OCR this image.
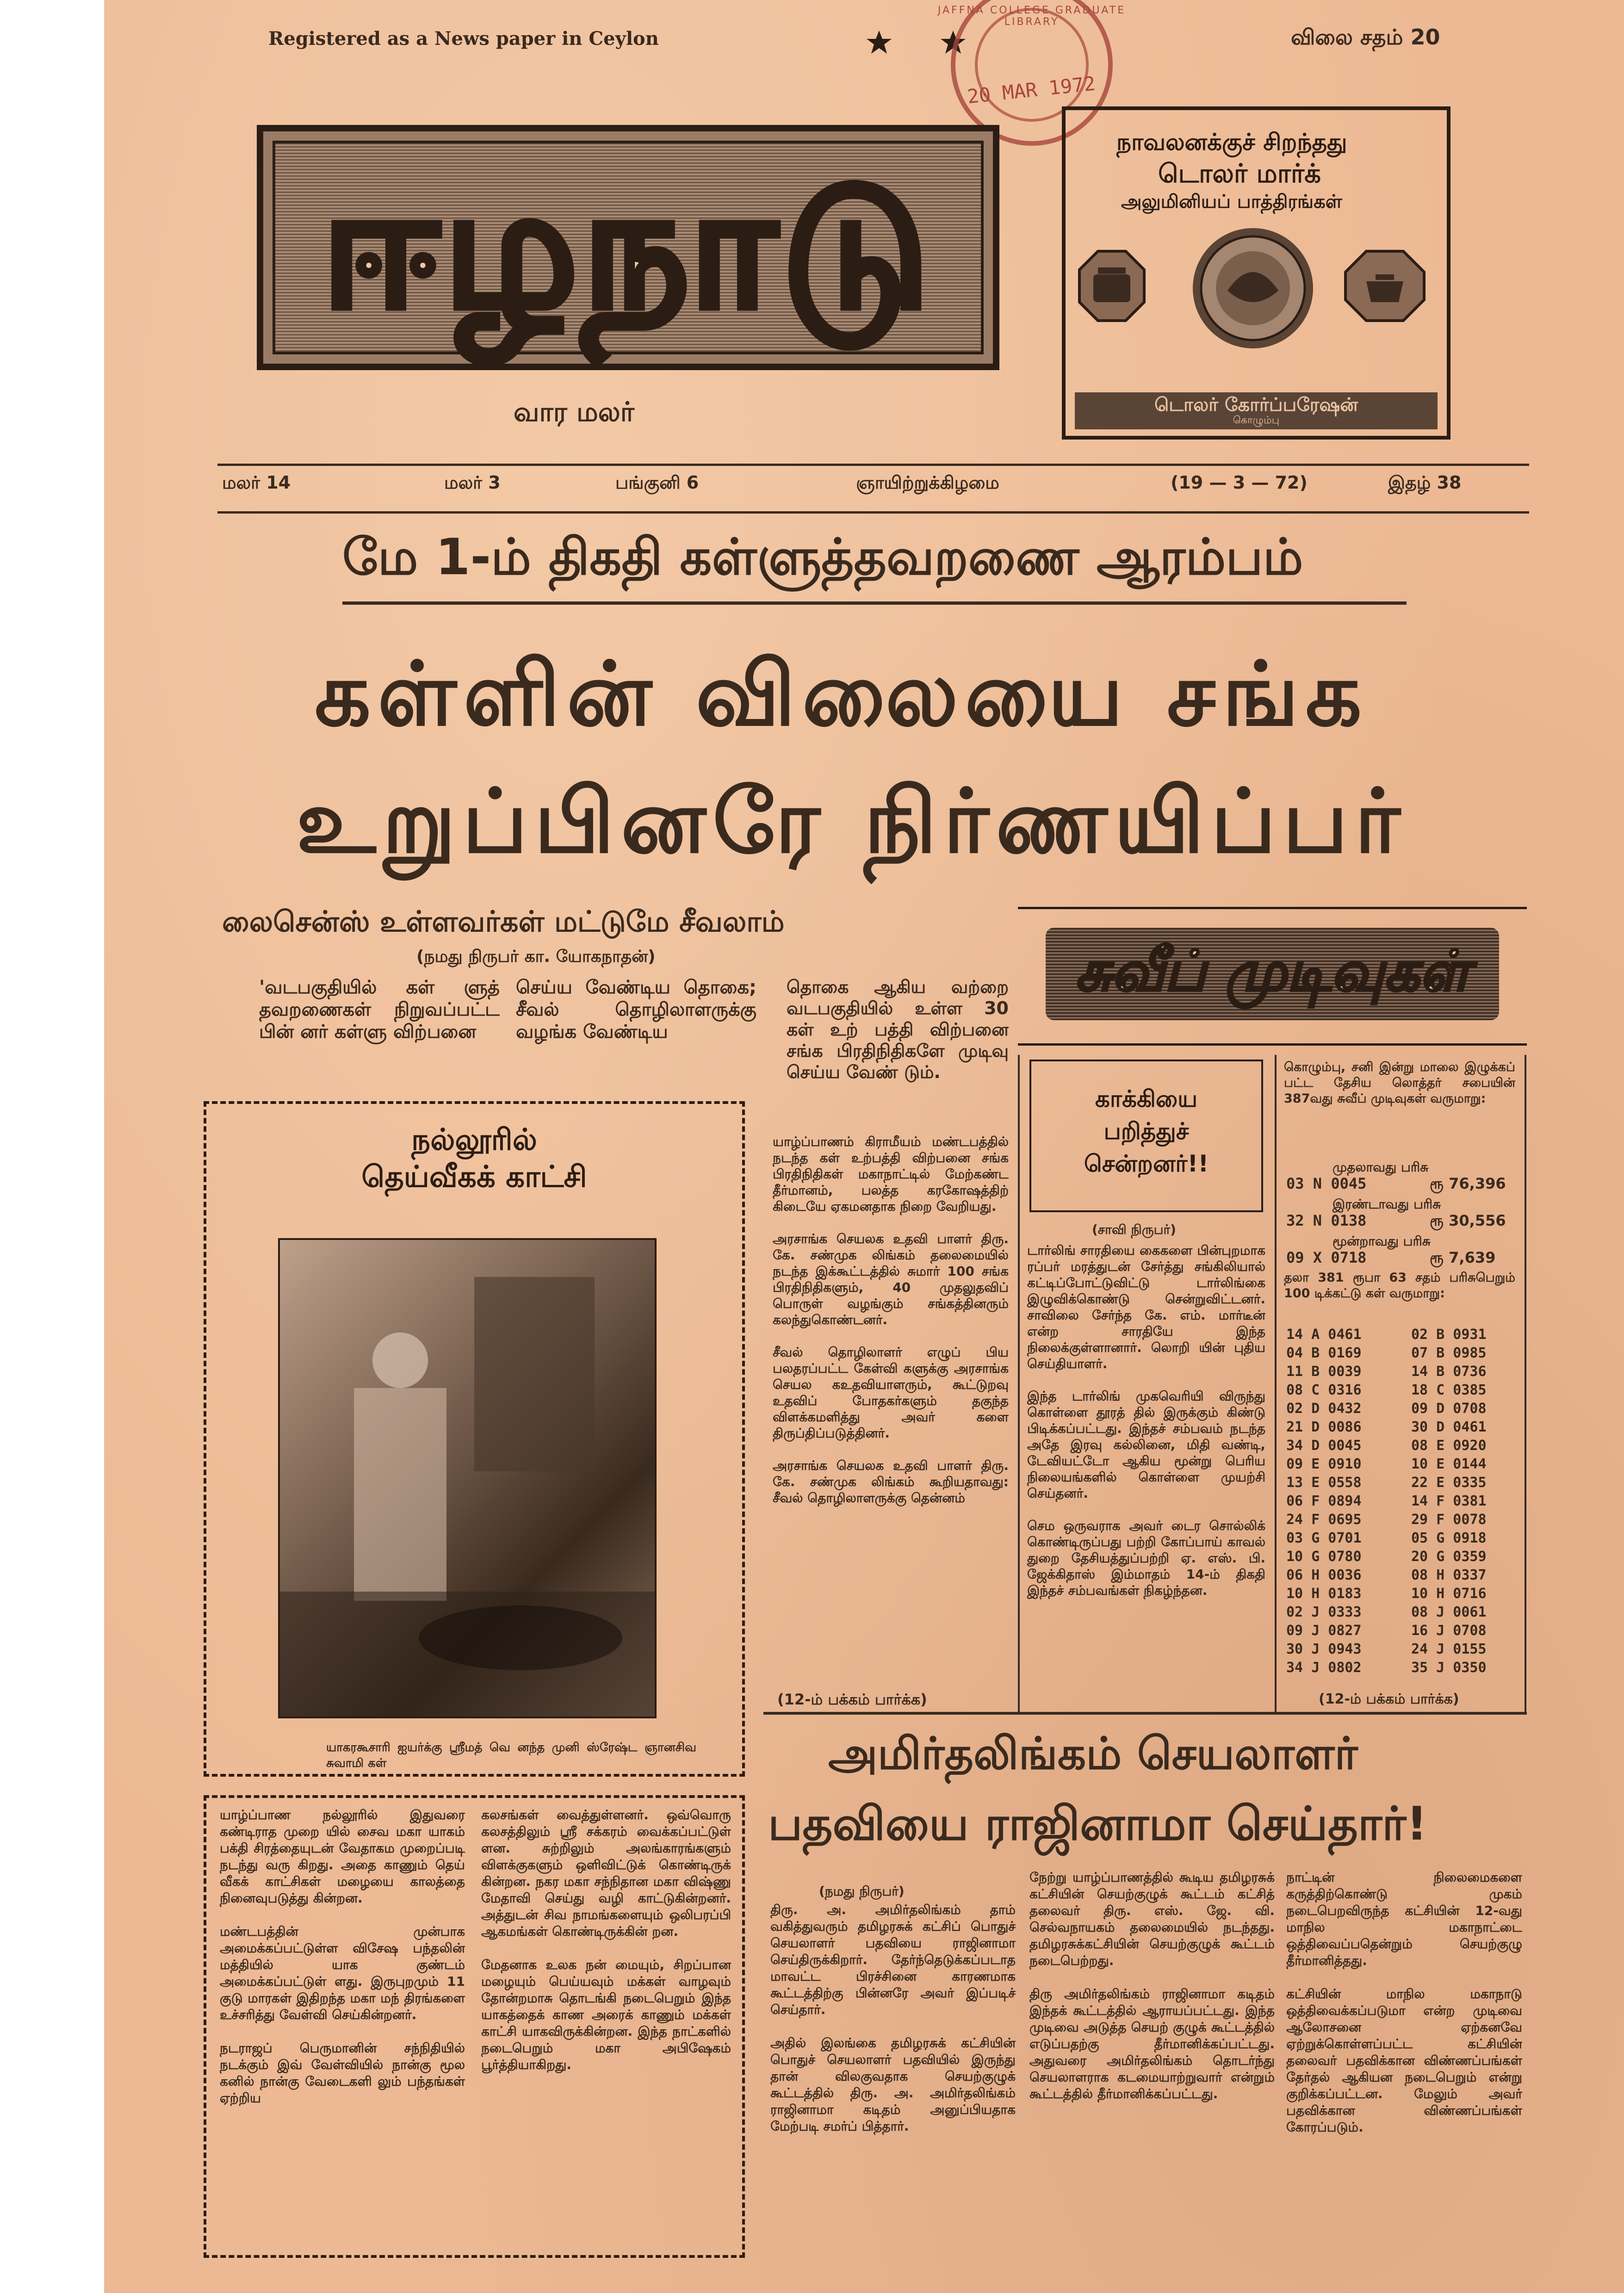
Registered as a News paper in Ceylon	விலை சதம் 20
20 MAR 1972
JAFFNA COLLEGE GRADUATE LIBRARY
ஈழநாடு
வார மலர்
நாவலனக்குச் சிறந்தது
டொலர் மார்க்
அலுமினியப் பாத்திரங்கள்
டொலர் கோர்ப்பரேஷன்
கொழும்பு
மலர் 14	மலர் 3	பங்குனி 6	ஞாயிற்றுக்கிழமை	(19 — 3 — 72)	இதழ் 38
மே 1-ம் திகதி கள்ளுத்தவறணை ஆரம்பம்
கள்ளின் விலையை சங்க
உறுப்பினரே நிர்ணயிப்பர்
லைசென்ஸ் உள்ளவர்கள் மட்டுமே சீவலாம்
(நமது நிருபர் கா. யோகநாதன்)
'வடபகுதியில் கள் ளுத் தவறணைகள் நிறுவப்பட்ட பின் னர் கள்ளு விற்பனை
செய்ய வேண்டிய தொகை; சீவல் தொழிலாளருக்கு வழங்க வேண்டிய
தொகை ஆகிய வற்றை வடபகுதியில் உள்ள 30 கள் உற் பத்தி விற்பனை சங்க பிரதிநிதிகளே முடிவு செய்ய வேண் டும்.
யாழ்ப்பாணம் கிராமீயம் மண்டபத்தில் நடந்த கள் உற்பத்தி விற்பனை சங்க பிரதிநிதிகள் மகாநாட்டில் மேற்கண்ட தீர்மானம், பலத்த கரகோஷத்திற் கிடையே ஏகமனதாக நிறை வேறியது.

அரசாங்க செயலக உதவி பாளர் திரு. கே. சண்முக லிங்கம் தலைமையில் நடந்த இக்கூட்டத்தில் சுமார் 100 சங்க பிரதிநிதிகளும், 40 முதலுதவிப் பொருள் வழங்கும் சங்கத்தினரும் கலந்துகொண்டனர்.

சீவல் தொழிலாளர் எழுப் பிய பலதரப்பட்ட கேள்வி களுக்கு அரசாங்க செயல கஉதவியாளரும், கூட்டுறவு உதவிப் போதகர்களும் தகுந்த விளக்கமளித்து அவர் களை திருப்திப்படுத்தினர்.

அரசாங்க செயலக உதவி பாளர் திரு. கே. சண்முக லிங்கம் கூறியதாவது: சீவல் தொழிலாளருக்கு தென்னம்
(12-ம் பக்கம் பார்க்க)
நல்லூரில்
தெய்வீகக் காட்சி
யாகரகூசாரி ஐயர்க்கு ஸ்ரீமத் வெ னந்த முனி ஸ்ரேஷ்ட ஞானசிவ சுவாமி கள்
யாழ்ப்பாண நல்லூரில் இதுவரை கண்டிராத முறை யில் சைவ மகா யாகம் பக்தி சிரத்தையுடன் வேதாகம முறைப்படி நடந்து வரு கிறது. அதை காணும் தெய் வீகக் காட்சிகள் மழையை காலத்தை நினைவுபடுத்து கின்றன.

மண்டபத்தின் முன்பாக அமைக்கப்பட்டுள்ள விசேஷ பந்தலின் மத்தியில் யாக குண்டம் அமைக்கப்பட்டுள் ளது. இருபுறமும் 11 குடு மாரகள் இதிறந்த மகா மந் திரங்களை உச்சரித்து வேள்வி செய்கின்றனர்.

நடராஜப் பெருமானின் சந்நிதியில் நடக்கும் இவ் வேள்வியில் நான்கு மூல கனில் நான்கு வேடைகளி லும் பந்தங்கள் ஏற்றிய
கலசங்கள் வைத்துள்ளனர். ஒவ்வொரு கலசத்திலும் ஸ்ரீ சக்கரம் வைக்கப்பட்டுள் ளன. சுற்றிலும் அலங்காரங்களும் விளக்குகளும் ஒளிவிட்டுக் கொண்டிருக் கின்றன. நகர மகா சந்நிதான மகா விஷ்ணு மேதாவி செய்து வழி காட்டுகின்றனர். அத்துடன் சிவ நாமங்களையும் ஒலிபரப்பி ஆகமங்கள் கொண்டிருக்கின் றன.

மேதனாக உலக நன் மையும், சிறப்பான மழையும் பெய்யவும் மக்கள் வாழவும் தோன்றமாசு தொடங்கி நடைபெறும் இந்த யாகத்தைக் காண அரைக் காணும் மக்கள் காட்சி யாகவிருக்கின்றன. இந்த நாட்களில் நடைபெறும் மகா அபிஷேகம் பூர்த்தியாகிறது.
சுவீப் முடிவுகள்
காக்கியை
பறித்துச்
சென்றனர்!!
(சாவி நிருபர்)
டார்லிங் சாரதியை கைகளை பின்புறமாக ரப்பர் மரத்துடன் சேர்த்து சங்கிலியால் கட்டிப்போட்டுவிட்டு டார்லிங்கை இழுவிக்கொண்டு சென்றுவிட்டனர். சாவிலை சேர்ந்த கே. எம். மார்டீன் என்ற சாரதியே இந்த நிலைக்குள்ளானார். லொறி யின் புதிய செய்தியாளர்.

இந்த டார்லிங் முகவெரியி விருந்து கொள்ளை தூரத் தில் இருக்கும் கிண்டு பிடிக்கப்பட்டது. இந்தச் சம்பவம் நடந்த அதே இரவு கல்லினை, மிதி வண்டி, டேவியட்டோ ஆகிய மூன்று பெரிய நிலையங்களில் கொள்ளை முயற்சி செய்தனர்.

செம ஒருவராக அவர் டைர சொல்லிக் கொண்டிருப்பது பற்றி கோப்பாய் காவல் துறை தேசியத்துப்பற்றி ஏ. எஸ். பி. ஜேக்கிதாஸ் இம்மாதம் 14-ம் திகதி இந்தச் சம்பவங்கள் நிகழ்ந்தன.
கொழும்பு, சனி இன்று மாலை இழுக்கப் பட்ட தேசிய லொத்தர் சபையின் 387வது சுவீப் முடிவுகள் வருமாறு:
முதலாவது பரிசு
03 N 0045	ரூ 76,396
இரண்டாவது பரிசு
32 N 0138	ரூ 30,556
மூன்றாவது பரிசு
09 X 0718	ரூ 7,639
தலா 381 ரூபா 63 சதம் பரிசுபெறும் 100 டிக்கட்டு கள் வருமாறு:
14 A 0461	02 B 0931
04 B 0169	07 B 0985
11 B 0039	14 B 0736
08 C 0316	18 C 0385
02 D 0432	09 D 0708
21 D 0086	30 D 0461
34 D 0045	08 E 0920
09 E 0910	10 E 0144
13 E 0558	22 E 0335
06 F 0894	14 F 0381
24 F 0695	29 F 0078
03 G 0701	05 G 0918
10 G 0780	20 G 0359
06 H 0036	08 H 0337
10 H 0183	10 H 0716
02 J 0333	08 J 0061
09 J 0827	16 J 0708
30 J 0943	24 J 0155
34 J 0802	35 J 0350
(12-ம் பக்கம் பார்க்க)
அமிர்தலிங்கம் செயலாளர்
பதவியை ராஜினாமா செய்தார்!
(நமது நிருபர்)
திரு. அ. அமிர்தலிங்கம் தாம் வகித்துவரும் தமிழரசுக் கட்சிப் பொதுச் செயலாளர் பதவியை ராஜினாமா செய்திருக்கிறார். தேர்ந்தெடுக்கப்படாத மாவட்ட பிரச்சினை காரணமாக கூட்டத்திற்கு பின்னரே அவர் இப்படிச் செய்தார்.

அதில் இலங்கை தமிழரசுக் கட்சியின் பொதுச் செயலாளர் பதவியில் இருந்து தான் விலகுவதாக செயற்குழுக் கூட்டத்தில் திரு. அ. அமிர்தலிங்கம் ராஜினாமா கடிதம் அனுப்பியதாக மேற்படி சமர்ப் பித்தார்.
நேற்று யாழ்ப்பாணத்தில் கூடிய தமிழரசுக் கட்சியின் செயற்குழுக் கூட்டம் கட்சித் தலைவர் திரு. எஸ். ஜே. வி. செல்வநாயகம் தலைமையில் நடந்தது. தமிழரசுக்கட்சியின் செயற்குழுக் கூட்டம் நடைபெற்றது.

திரு அமிர்தலிங்கம் ராஜினாமா கடிதம் இந்தக் கூட்டத்தில் ஆராயப்பட்டது. இந்த முடிவை அடுத்த செயற் குழுக் கூட்டத்தில் எடுப்பதற்கு தீர்மானிக்கப்பட்டது. அதுவரை அமிர்தலிங்கம் தொடர்ந்து செயலாளராக கடமையாற்றுவார் என்றும் கூட்டத்தில் தீர்மானிக்கப்பட்டது.
நாட்டின் நிலைமைகளை கருத்திற்கொண்டு முகம் நடைபெறவிருந்த கட்சியின் 12-வது மாநில மகாநாட்டை ஒத்திவைப்பதென்றும் செயற்குழு தீர்மானித்தது.

கட்சியின் மாநில மகாநாடு ஒத்திவைக்கப்படுமா என்ற முடிவை ஆலோசனை ஏற்கனவே ஏற்றுக்கொள்ளப்பட்ட கட்சியின் தலைவர் பதவிக்கான விண்ணப்பங்கள் தேர்தல் ஆகியன நடைபெறும் என்று குறிக்கப்பட்டன. மேலும் அவர் பதவிக்கான விண்ணப்பங்கள் கோரப்படும்.
